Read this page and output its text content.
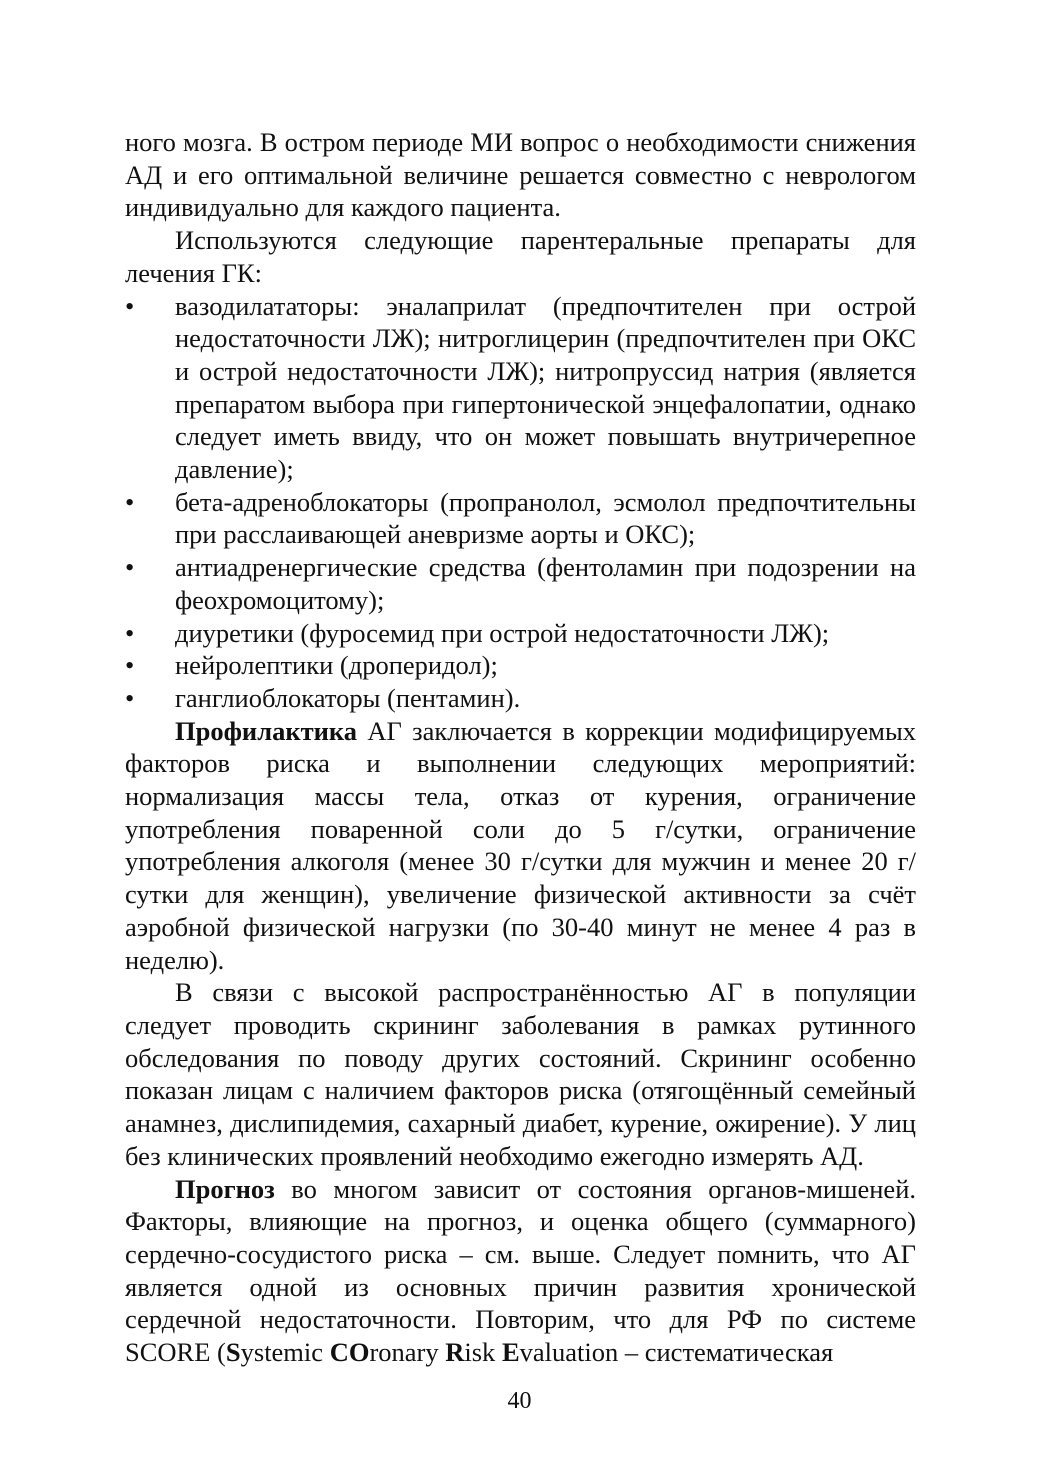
ного мозга. В остром периоде МИ вопрос о необходимости снижения АД и его оптимальной величине решается совместно с неврологом индивидуально для каждого пациента.

Используются следующие парентеральные препараты для лечения ГК:

• вазодилататоры: эналаприлат (предпочтителен при острой недостаточности ЛЖ); нитроглицерин (предпочтителен при ОКС и острой недостаточности ЛЖ); нитропруссид натрия (является препаратом выбора при гипертонической энцефалопатии, однако следует иметь ввиду, что он может повышать внутричерепное давление);
• бета-адреноблокаторы (пропранолол, эсмолол предпочтительны при расслаивающей аневризме аорты и ОКС);
• антиадренергические средства (фентоламин при подозрении на феохромоцитому);
• диуретики (фуросемид при острой недостаточности ЛЖ);
• нейролептики (дроперидол);
• ганглиоблокаторы (пентамин).

Профилактика АГ заключается в коррекции модифицируемых факторов риска и выполнении следующих мероприятий: нормализация массы тела, отказ от курения, ограничение употребления поваренной соли до 5 г/сутки, ограничение употребления алкоголя (менее 30 г/сутки для мужчин и менее 20 г/сутки для женщин), увеличение физической активности за счёт аэробной физической нагрузки (по 30-40 минут не менее 4 раз в неделю).

В связи с высокой распространённостью АГ в популяции следует проводить скрининг заболевания в рамках рутинного обследования по поводу других состояний. Скрининг особенно показан лицам с наличием факторов риска (отягощённый семейный анамнез, дислипидемия, сахарный диабет, курение, ожирение). У лиц без клинических проявлений необходимо ежегодно измерять АД.

Прогноз во многом зависит от состояния органов-мишеней. Факторы, влияющие на прогноз, и оценка общего (суммарного) сердечно-сосудистого риска – см. выше. Следует помнить, что АГ является одной из основных причин развития хронической сердечной недостаточности. Повторим, что для РФ по системе SCORE (Systemic COronary Risk Evaluation – систематическая

40
